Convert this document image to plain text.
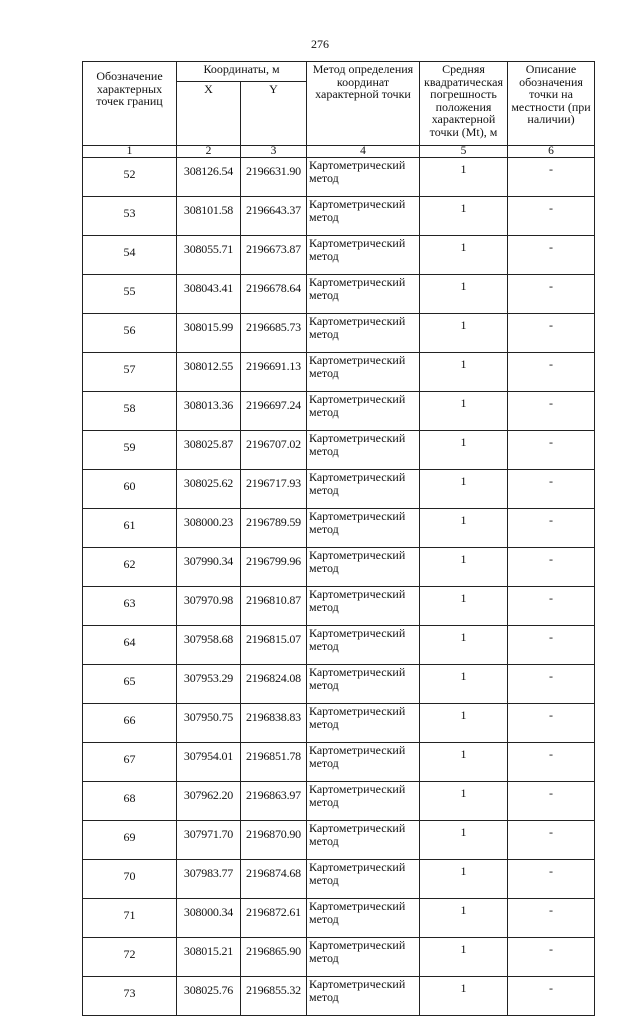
276
Обозначение характерных точек границ	Координаты, м		Метод определения координат характерной точки	Средняя квадратическая погрешность положения характерной точки (Mt), м	Описание обозначения точки на местности (при наличии)
	X	Y			
1	2	3	4	5	6
52	308126.54	2196631.90	Картометрический метод	1	-
53	308101.58	2196643.37	Картометрический метод	1	-
54	308055.71	2196673.87	Картометрический метод	1	-
55	308043.41	2196678.64	Картометрический метод	1	-
56	308015.99	2196685.73	Картометрический метод	1	-
57	308012.55	2196691.13	Картометрический метод	1	-
58	308013.36	2196697.24	Картометрический метод	1	-
59	308025.87	2196707.02	Картометрический метод	1	-
60	308025.62	2196717.93	Картометрический метод	1	-
61	308000.23	2196789.59	Картометрический метод	1	-
62	307990.34	2196799.96	Картометрический метод	1	-
63	307970.98	2196810.87	Картометрический метод	1	-
64	307958.68	2196815.07	Картометрический метод	1	-
65	307953.29	2196824.08	Картометрический метод	1	-
66	307950.75	2196838.83	Картометрический метод	1	-
67	307954.01	2196851.78	Картометрический метод	1	-
68	307962.20	2196863.97	Картометрический метод	1	-
69	307971.70	2196870.90	Картометрический метод	1	-
70	307983.77	2196874.68	Картометрический метод	1	-
71	308000.34	2196872.61	Картометрический метод	1	-
72	308015.21	2196865.90	Картометрический метод	1	-
73	308025.76	2196855.32	Картометрический метод	1	-
